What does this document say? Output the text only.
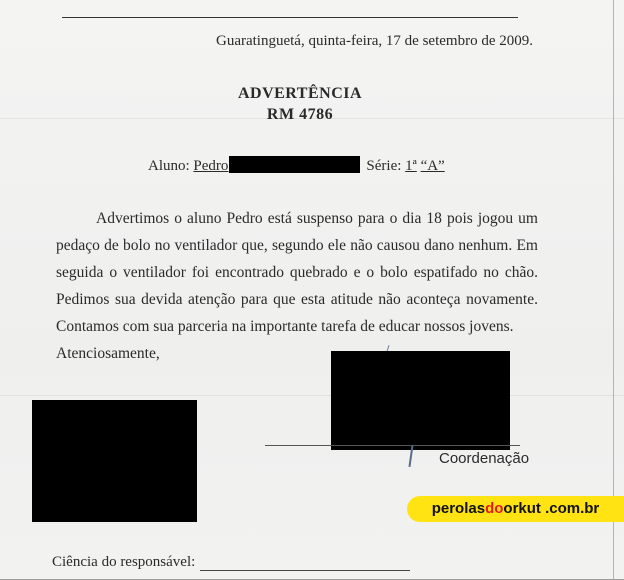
Guaratinguetá, quinta-feira, 17 de setembro de 2009.
ADVERTÊNCIA
RM 4786
Aluno: Pedro	Série: 1ª “A”
Advertimos o aluno Pedro está suspenso para o dia 18 pois jogou um pedaço de bolo no ventilador que, segundo ele não causou dano nenhum. Em seguida o ventilador foi encontrado quebrado e o bolo espatifado no chão. Pedimos sua devida atenção para que esta atitude não aconteça novamente. Contamos com sua parceria na importante tarefa de educar nossos jovens.
Atenciosamente,
Coordenação
perolasdoorkut .com.br
Ciência do responsável:
